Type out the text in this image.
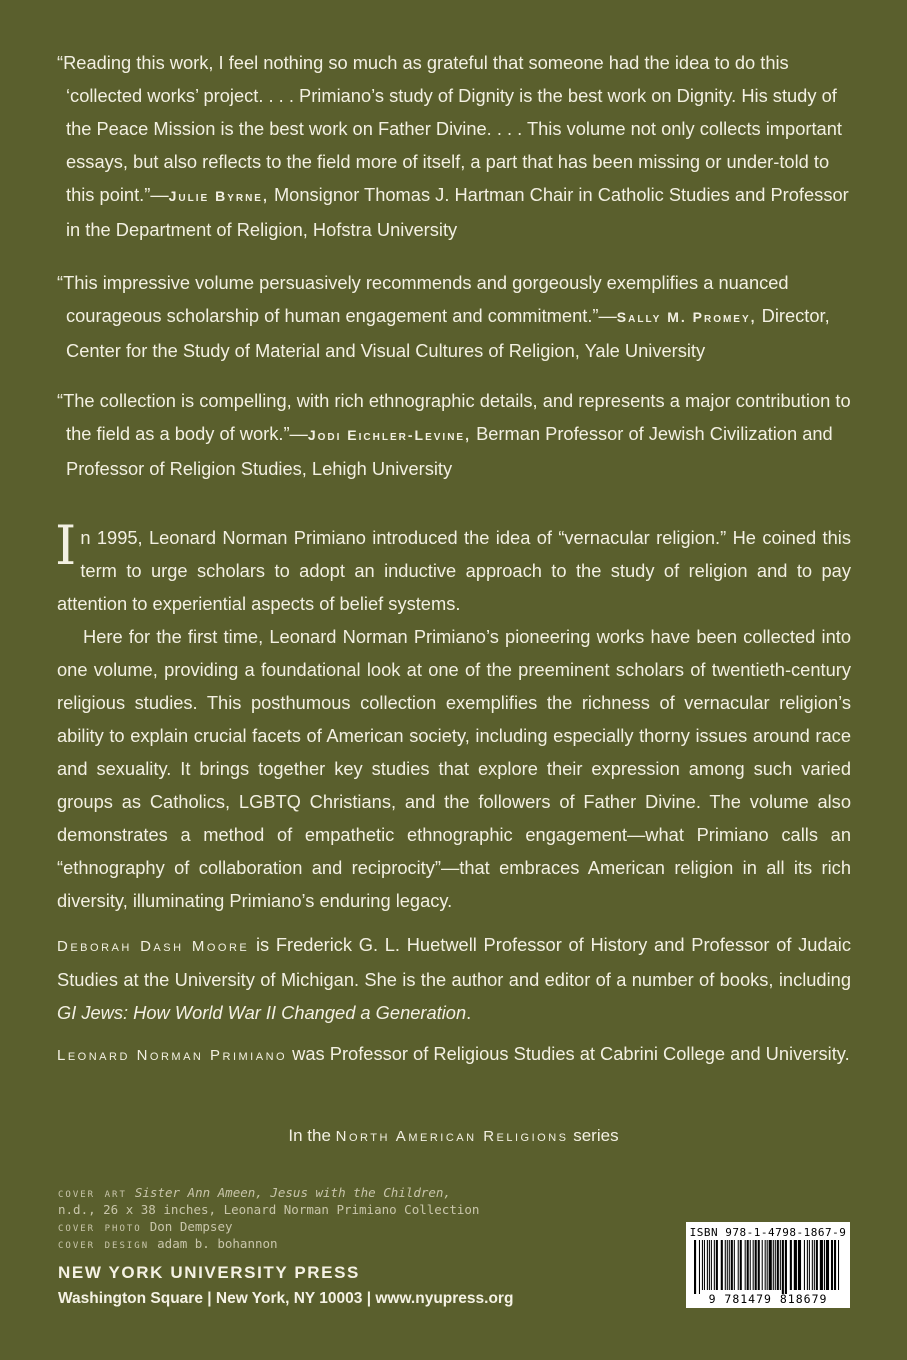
“Reading this work, I feel nothing so much as grateful that someone had the idea to do this ‘collected works’ project. . . . Primiano’s study of Dignity is the best work on Dignity. His study of the Peace Mission is the best work on Father Divine. . . . This volume not only collects important essays, but also reflects to the field more of itself, a part that has been missing or under-told to this point.”—Julie Byrne, Monsignor Thomas J. Hartman Chair in Catholic Studies and Professor in the Department of Religion, Hofstra University

“This impressive volume persuasively recommends and gorgeously exemplifies a nuanced courageous scholarship of human engagement and commitment.”—Sally M. Promey, Director, Center for the Study of Material and Visual Cultures of Religion, Yale University

“The collection is compelling, with rich ethnographic details, and represents a major contribution to the field as a body of work.”—Jodi Eichler-Levine, Berman Professor of Jewish Civilization and Professor of Religion Studies, Lehigh University

In 1995, Leonard Norman Primiano introduced the idea of “vernacular religion.” He coined this term to urge scholars to adopt an inductive approach to the study of religion and to pay attention to experiential aspects of belief systems.

Here for the first time, Leonard Norman Primiano’s pioneering works have been collected into one volume, providing a foundational look at one of the preeminent scholars of twentieth-century religious studies. This posthumous collection exemplifies the richness of vernacular religion’s ability to explain crucial facets of American society, including especially thorny issues around race and sexuality. It brings together key studies that explore their expression among such varied groups as Catholics, LGBTQ Christians, and the followers of Father Divine. The volume also demonstrates a method of empathetic ethnographic engagement—what Primiano calls an “ethnography of collaboration and reciprocity”—that embraces American religion in all its rich diversity, illuminating Primiano’s enduring legacy.

Deborah Dash Moore is Frederick G. L. Huetwell Professor of History and Professor of Judaic Studies at the University of Michigan. She is the author and editor of a number of books, including GI Jews: How World War II Changed a Generation.

Leonard Norman Primiano was Professor of Religious Studies at Cabrini College and University.

In the North American Religions series
cover art Sister Ann Ameen, Jesus with the Children,
n.d., 26 x 38 inches, Leonard Norman Primiano Collection
cover photo Don Dempsey
cover design adam b. bohannon
NEW YORK UNIVERSITY PRESS
Washington Square | New York, NY 10003 | www.nyupress.org
ISBN 978-1-4798-1867-9
9 781479 818679
